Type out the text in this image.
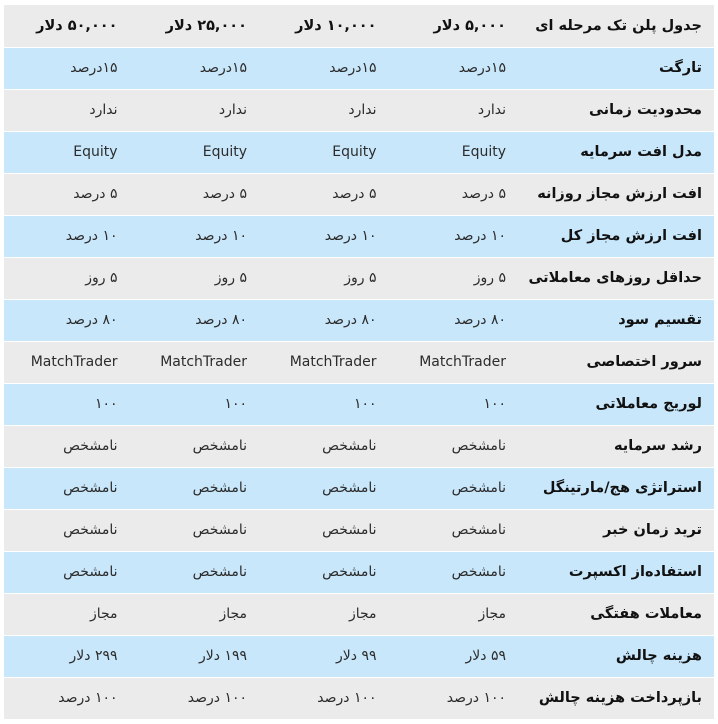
جدول پلن تک مرحله ای	۵,۰۰۰ دلار	۱۰,۰۰۰ دلار	۲۵,۰۰۰ دلار	۵۰,۰۰۰ دلار
تارگت	۱۵درصد	۱۵درصد	۱۵درصد	۱۵درصد
محدودیت زمانی	ندارد	ندارد	ندارد	ندارد
مدل افت سرمایه	Equity	Equity	Equity	Equity
افت ارزش مجاز روزانه	۵ درصد	۵ درصد	۵ درصد	۵ درصد
افت ارزش مجاز کل	۱۰ درصد	۱۰ درصد	۱۰ درصد	۱۰ درصد
حداقل روزهای معاملاتی	۵ روز	۵ روز	۵ روز	۵ روز
تقسیم سود	۸۰ درصد	۸۰ درصد	۸۰ درصد	۸۰ درصد
سرور اختصاصی	MatchTrader	MatchTrader	MatchTrader	MatchTrader
لوریج معاملاتی	۱۰۰	۱۰۰	۱۰۰	۱۰۰
رشد سرمایه	نامشخص	نامشخص	نامشخص	نامشخص
استراتژی هج/مارتینگل	نامشخص	نامشخص	نامشخص	نامشخص
ترید زمان خبر	نامشخص	نامشخص	نامشخص	نامشخص
استفاده‌از اکسپرت	نامشخص	نامشخص	نامشخص	نامشخص
معاملات هفتگی	مجاز	مجاز	مجاز	مجاز
هزینه چالش	۵۹ دلار	۹۹ دلار	۱۹۹ دلار	۲۹۹ دلار
بازپرداخت هزینه چالش	۱۰۰ درصد	۱۰۰ درصد	۱۰۰ درصد	۱۰۰ درصد
